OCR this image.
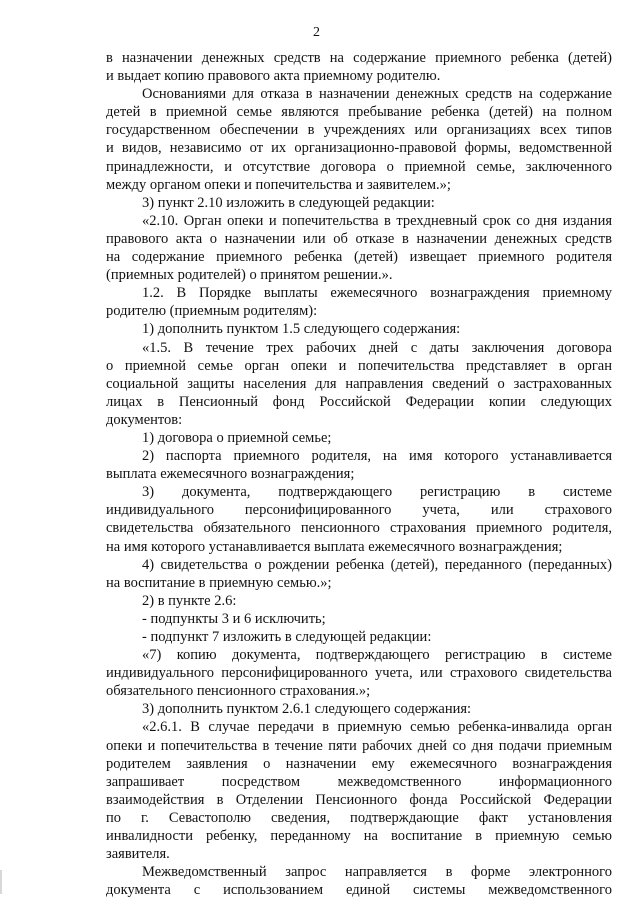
2
в назначении денежных средств на содержание приемного ребенка (детей)
и выдает копию правового акта приемному родителю.
Основаниями для отказа в назначении денежных средств на содержание
детей в приемной семье являются пребывание ребенка (детей) на полном
государственном обеспечении в учреждениях или организациях всех типов
и видов, независимо от их организационно-правовой формы, ведомственной
принадлежности, и отсутствие договора о приемной семье, заключенного
между органом опеки и попечительства и заявителем.»;
3) пункт 2.10 изложить в следующей редакции:
«2.10. Орган опеки и попечительства в трехдневный срок со дня издания
правового акта о назначении или об отказе в назначении денежных средств
на содержание приемного ребенка (детей) извещает приемного родителя
(приемных родителей) о принятом решении.».
1.2. В Порядке выплаты ежемесячного вознаграждения приемному
родителю (приемным родителям):
1) дополнить пунктом 1.5 следующего содержания:
«1.5. В течение трех рабочих дней с даты заключения договора
о приемной семье орган опеки и попечительства представляет в орган
социальной защиты населения для направления сведений о застрахованных
лицах в Пенсионный фонд Российской Федерации копии следующих
документов:
1) договора о приемной семье;
2) паспорта приемного родителя, на имя которого устанавливается
выплата ежемесячного вознаграждения;
3) документа, подтверждающего регистрацию в системе
индивидуального персонифицированного учета, или страхового
свидетельства обязательного пенсионного страхования приемного родителя,
на имя которого устанавливается выплата ежемесячного вознаграждения;
4) свидетельства о рождении ребенка (детей), переданного (переданных)
на воспитание в приемную семью.»;
2) в пункте 2.6:
- подпункты 3 и 6 исключить;
- подпункт 7 изложить в следующей редакции:
«7) копию документа, подтверждающего регистрацию в системе
индивидуального персонифицированного учета, или страхового свидетельства
обязательного пенсионного страхования.»;
3) дополнить пунктом 2.6.1 следующего содержания:
«2.6.1. В случае передачи в приемную семью ребенка-инвалида орган
опеки и попечительства в течение пяти рабочих дней со дня подачи приемным
родителем заявления о назначении ему ежемесячного вознаграждения
запрашивает посредством межведомственного информационного
взаимодействия в Отделении Пенсионного фонда Российской Федерации
по г. Севастополю сведения, подтверждающие факт установления
инвалидности ребенку, переданному на воспитание в приемную семью
заявителя.
Межведомственный запрос направляется в форме электронного
документа с использованием единой системы межведомственного
